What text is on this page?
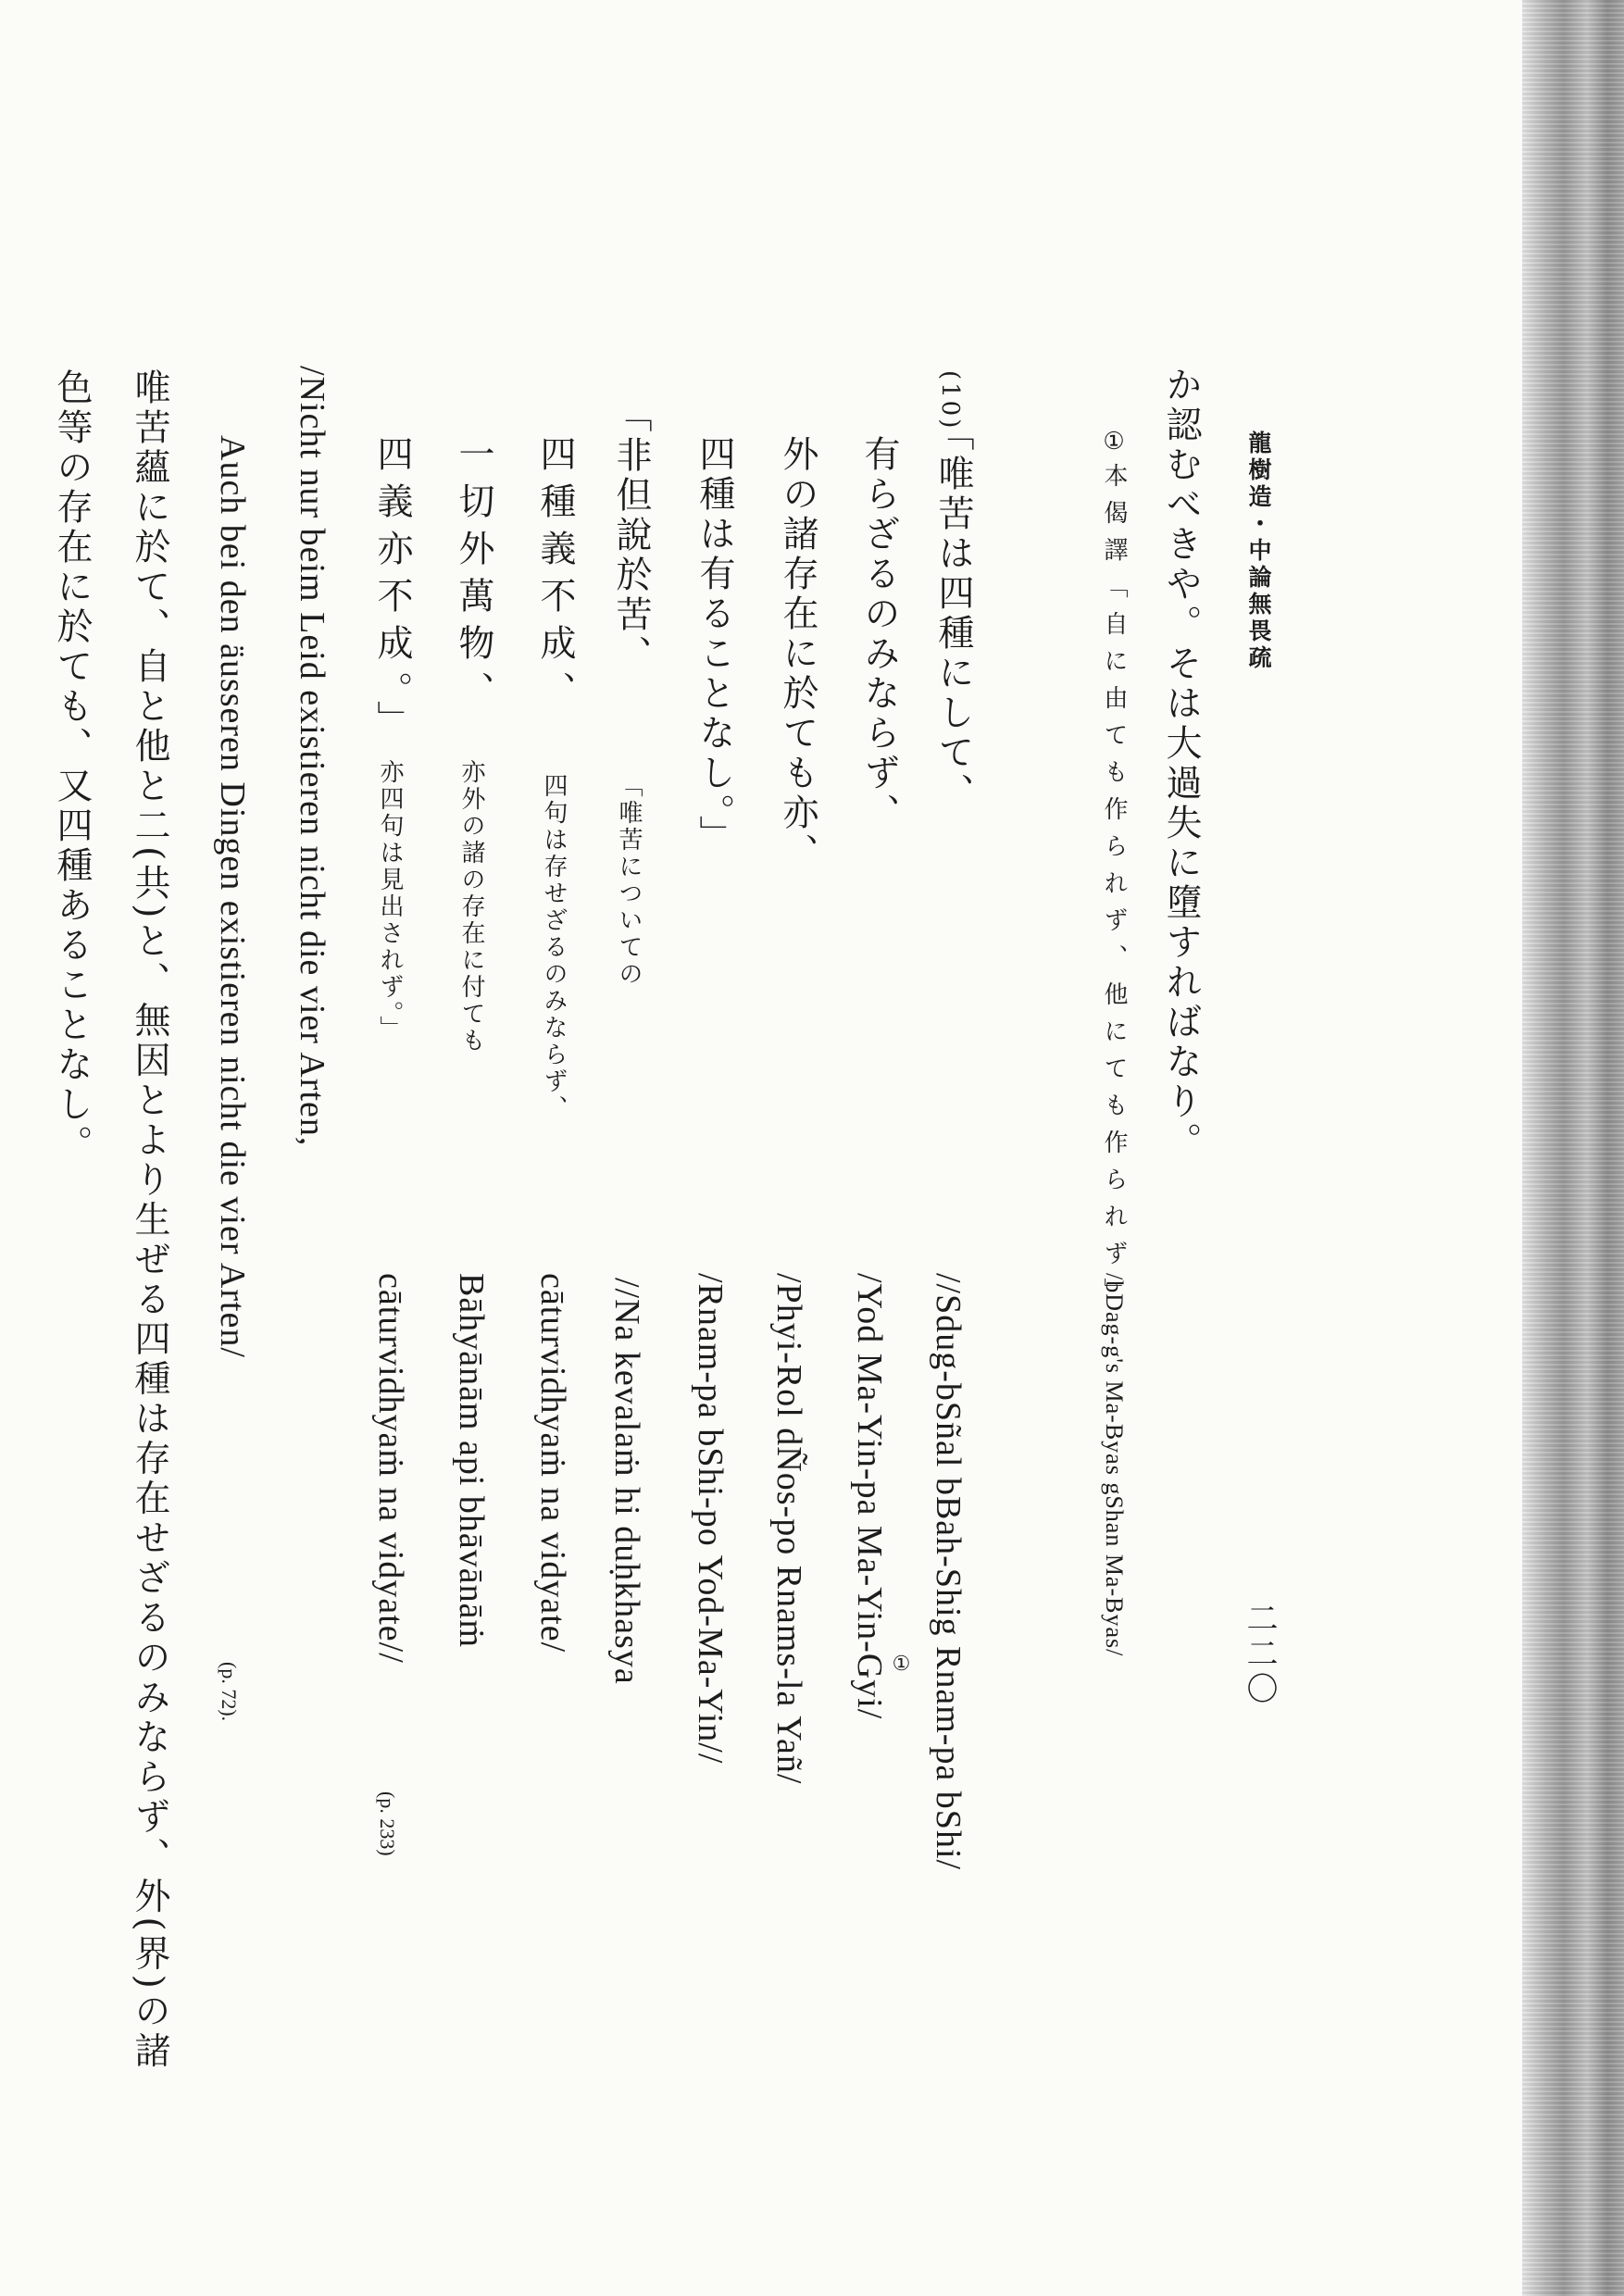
龍樹造・中論無畏疏
二二〇
か認むべきや。そは大過失に墮すればなり。
①
本偈譯「自に由ても作られず、他にても作られず」
/bDag-g's Ma-Byas gShan Ma-Byas/
(10)
「唯苦は四種にして、
有らざるのみならず、
外の諸存在に於ても亦、
四種は有ることなし。」
//Sdug-bSñal bBah-Shig Rnam-pa bShi/
①
/Yod Ma-Yin-pa Ma-Yin-Gyi/
/Phyi-Rol dÑos-po Rnams-la Yañ/
/Rnam-pa bShi-po Yod-Ma-Yin//
「非但說於苦、
四種義不成、
一切外萬物、
四義亦不成。」
「唯苦についての
四句は存せざるのみならず、
亦外の諸の存在に付ても
亦四句は見出されず。」
//Na kevalaṁ hi duḥkhasya
cāturvidhyaṁ na vidyate/
Bāhyānām api bhāvānāṁ
cāturvidhyaṁ na vidyate//
(p. 233)
/Nicht nur beim Leid existieren nicht die vier Arten,
Auch bei den äusseren Dingen existieren nicht die vier Arten/
(p. 72).
唯苦蘊に於て、自と他と二(共)と、無因とより生ぜる四種は存在せざるのみならず、外(界)の諸
色等の存在に於ても、又四種あることなし。
